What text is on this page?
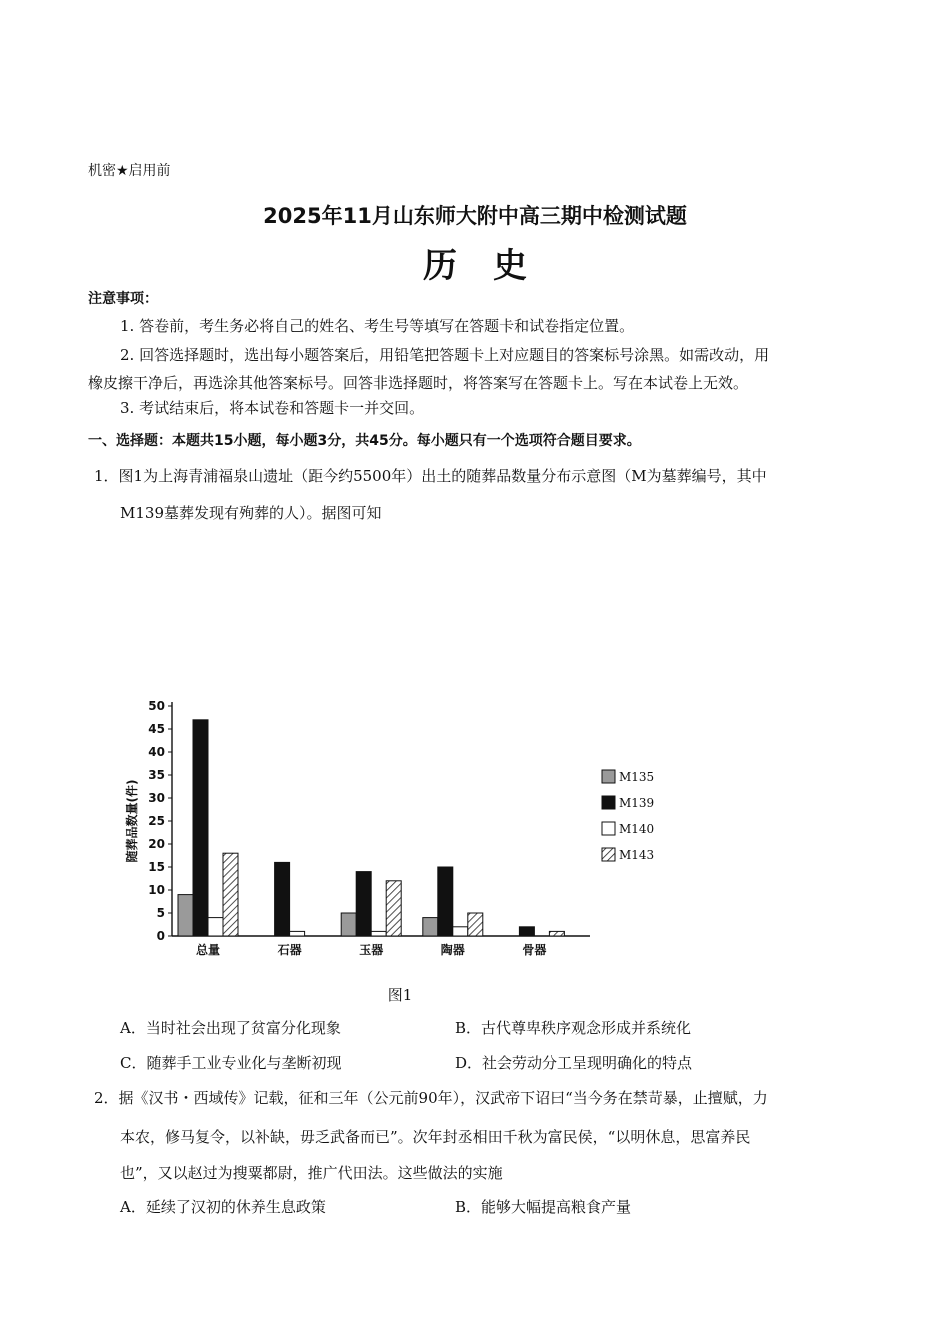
机密★启用前
2025年11月山东师大附中高三期中检测试题
历史
注意事项：
1. 答卷前，考生务必将自己的姓名、考生号等填写在答题卡和试卷指定位置。
2. 回答选择题时，选出每小题答案后，用铅笔把答题卡上对应题目的答案标号涂黑。如需改动，用
橡皮擦干净后，再选涂其他答案标号。回答非选择题时，将答案写在答题卡上。写在本试卷上无效。
3. 考试结束后，将本试卷和答题卡一并交回。
一、选择题：本题共15小题，每小题3分，共45分。每小题只有一个选项符合题目要求。
1．图1为上海青浦福泉山遗址（距今约5500年）出土的随葬品数量分布示意图（M为墓葬编号，其中
M139墓葬发现有殉葬的人）。据图可知
0
5
10
15
20
25
30
35
40
45
50
随葬品数量(件)
总量	石器	玉器	陶器	骨器
M135
M139
M140
M143
图1
A．当时社会出现了贫富分化现象	B．古代尊卑秩序观念形成并系统化
C．随葬手工业专业化与垄断初现	D．社会劳动分工呈现明确化的特点
2．据《汉书・西域传》记载，征和三年（公元前90年），汉武帝下诏曰“当今务在禁苛暴，止擅赋，力
本农，修马复令，以补缺，毋乏武备而已”。次年封丞相田千秋为富民侯，“以明休息，思富养民
也”，又以赵过为搜粟都尉，推广代田法。这些做法的实施
A．延续了汉初的休养生息政策	B．能够大幅提高粮食产量
